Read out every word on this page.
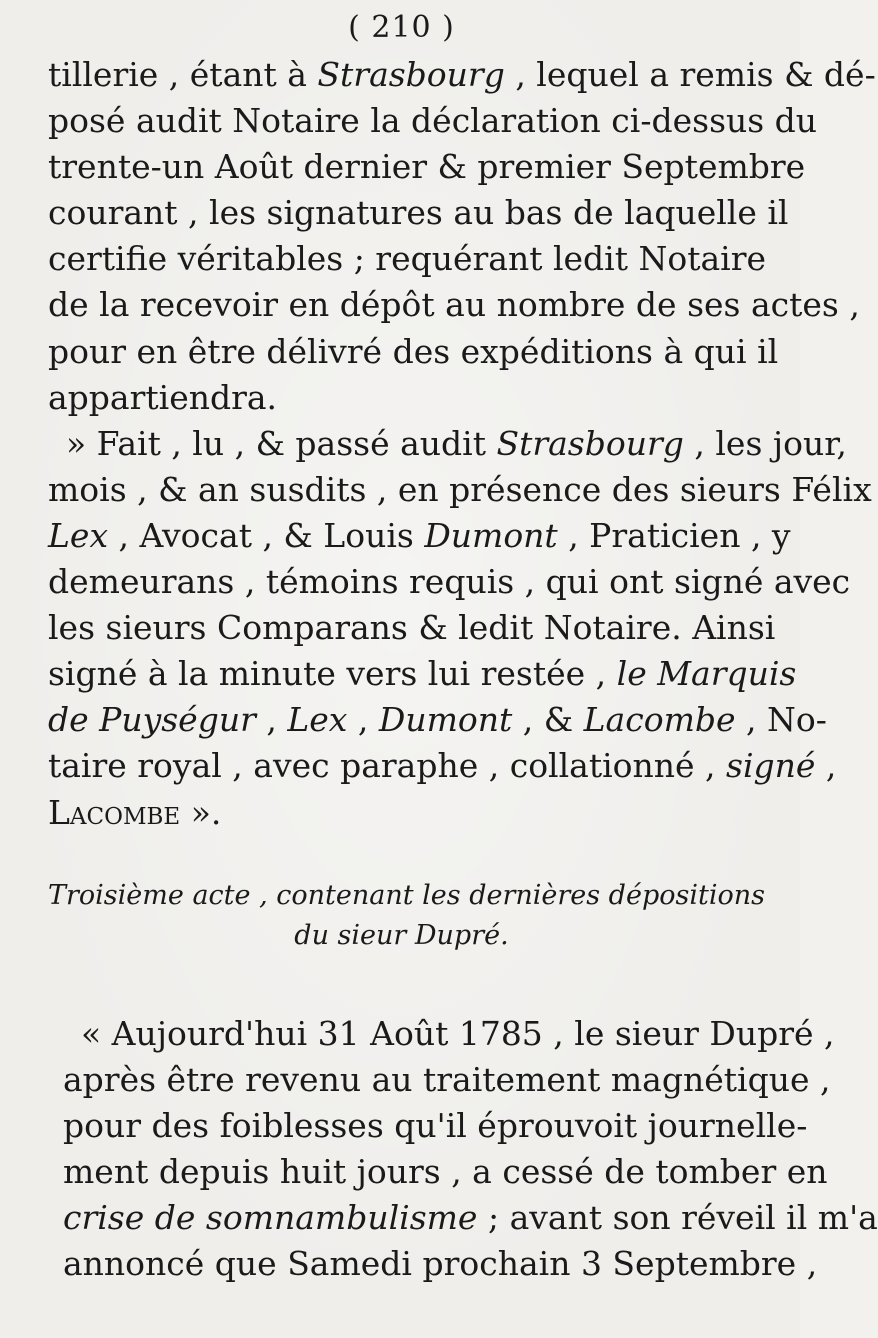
( 210 )
tillerie , étant à Strasbourg , lequel a remis & dé-
posé audit Notaire la déclaration ci-dessus du
trente-un Août dernier & premier Septembre
courant , les signatures au bas de laquelle il
certifie véritables ; requérant ledit Notaire
de la recevoir en dépôt au nombre de ses actes ,
pour en être délivré des expéditions à qui il
appartiendra.
» Fait , lu , & passé audit Strasbourg , les jour,
mois , & an susdits , en présence des sieurs Félix
Lex , Avocat , & Louis Dumont , Praticien , y
demeurans , témoins requis , qui ont signé avec
les sieurs Comparans & ledit Notaire. Ainsi
signé à la minute vers lui restée , le Marquis
de Puységur , Lex , Dumont , & Lacombe , No-
taire royal , avec paraphe , collationné , signé ,
Lacombe ».
Troisième acte , contenant les dernières dépositions
du sieur Dupré.
« Aujourd'hui 31 Août 1785 , le sieur Dupré ,
après être revenu au traitement magnétique ,
pour des foiblesses qu'il éprouvoit journelle-
ment depuis huit jours , a cessé de tomber en
crise de somnambulisme ; avant son réveil il m'a
annoncé que Samedi prochain 3 Septembre ,
